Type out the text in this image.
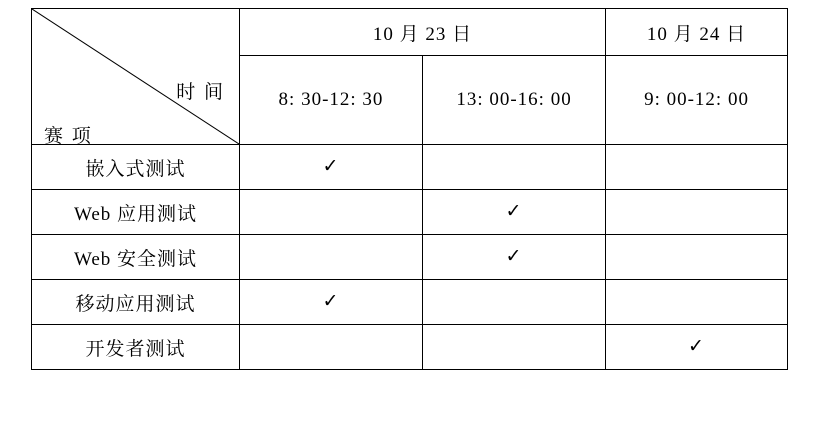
时 间
赛 项	10 月 23 日		10 月 24 日
	8: 30-12: 30	13: 00-16: 00	9: 00-12: 00
嵌入式测试	✓		
Web 应用测试		✓	
Web 安全测试		✓	
移动应用测试	✓		
开发者测试			✓
